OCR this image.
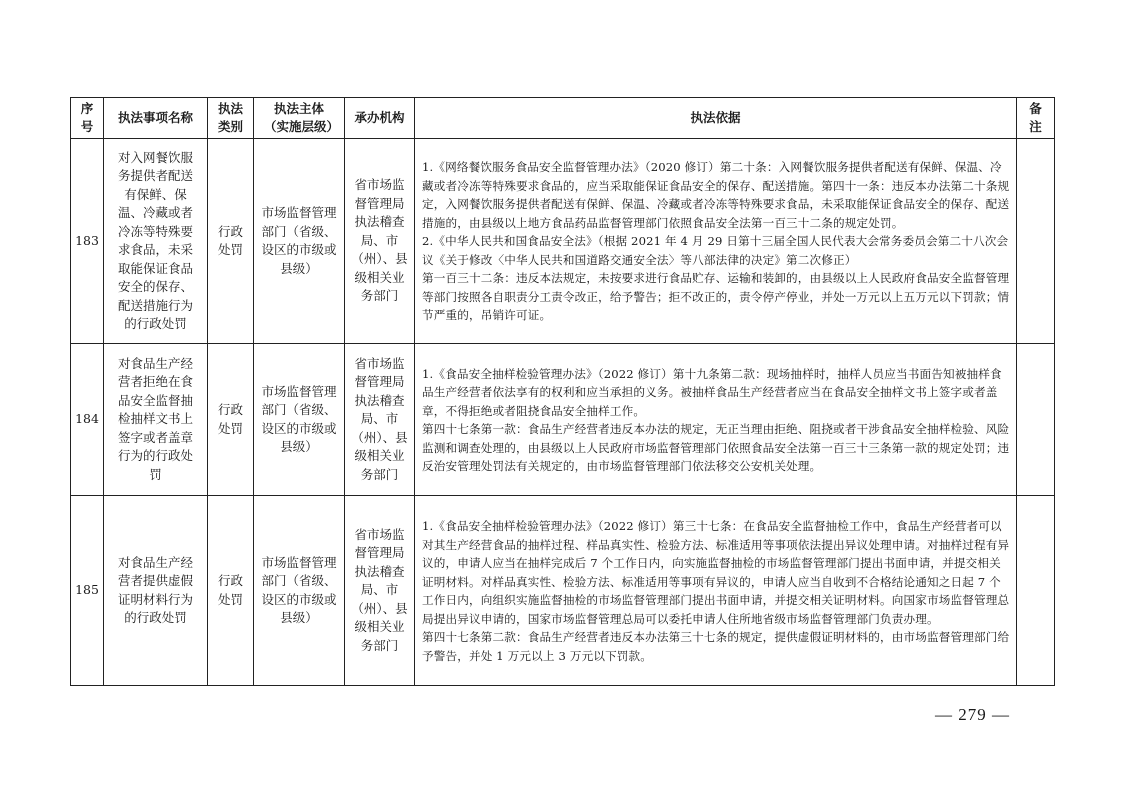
序号	执法事项名称	执法类别	执法主体（实施层级）	承办机构	执法依据	备注
183	对入网餐饮服务提供者配送有保鲜、保温、冷藏或者冷冻等特殊要求食品，未采取能保证食品安全的保存、配送措施行为的行政处罚	行政处罚	市场监督管理部门（省级、设区的市级或县级）	省市场监督管理局执法稽查局、市（州）、县级相关业务部门	1.《网络餐饮服务食品安全监督管理办法》（2020 修订）第二十条：入网餐饮服务提供者配送有保鲜、保温、冷藏或者冷冻等特殊要求食品的，应当采取能保证食品安全的保存、配送措施。第四十一条：违反本办法第二十条规定，入网餐饮服务提供者配送有保鲜、保温、冷藏或者冷冻等特殊要求食品，未采取能保证食品安全的保存、配送措施的，由县级以上地方食品药品监督管理部门依照食品安全法第一百三十二条的规定处罚。

2.《中华人民共和国食品安全法》（根据 2021 年 4 月 29 日第十三届全国人民代表大会常务委员会第二十八次会议《关于修改〈中华人民共和国道路交通安全法〉等八部法律的决定》第二次修正）

第一百三十二条：违反本法规定，未按要求进行食品贮存、运输和装卸的，由县级以上人民政府食品安全监督管理等部门按照各自职责分工责令改正，给予警告；拒不改正的，责令停产停业，并处一万元以上五万元以下罚款；情节严重的，吊销许可证。	

184	对食品生产经营者拒绝在食品安全监督抽检抽样文书上签字或者盖章行为的行政处罚	行政处罚	市场监督管理部门（省级、设区的市级或县级）	省市场监督管理局执法稽查局、市（州）、县级相关业务部门	1.《食品安全抽样检验管理办法》（2022 修订）第十九条第二款：现场抽样时，抽样人员应当书面告知被抽样食品生产经营者依法享有的权利和应当承担的义务。被抽样食品生产经营者应当在食品安全抽样文书上签字或者盖章，不得拒绝或者阻挠食品安全抽样工作。

第四十七条第一款：食品生产经营者违反本办法的规定，无正当理由拒绝、阻挠或者干涉食品安全抽样检验、风险监测和调查处理的，由县级以上人民政府市场监督管理部门依照食品安全法第一百三十三条第一款的规定处罚；违反治安管理处罚法有关规定的，由市场监督管理部门依法移交公安机关处理。	

185	对食品生产经营者提供虚假证明材料行为的行政处罚	行政处罚	市场监督管理部门（省级、设区的市级或县级）	省市场监督管理局执法稽查局、市（州）、县级相关业务部门	1.《食品安全抽样检验管理办法》（2022 修订）第三十七条：在食品安全监督抽检工作中，食品生产经营者可以对其生产经营食品的抽样过程、样品真实性、检验方法、标准适用等事项依法提出异议处理申请。对抽样过程有异议的，申请人应当在抽样完成后 7 个工作日内，向实施监督抽检的市场监督管理部门提出书面申请，并提交相关证明材料。对样品真实性、检验方法、标准适用等事项有异议的，申请人应当自收到不合格结论通知之日起 7 个工作日内，向组织实施监督抽检的市场监督管理部门提出书面申请，并提交相关证明材料。向国家市场监督管理总局提出异议申请的，国家市场监督管理总局可以委托申请人住所地省级市场监督管理部门负责办理。

第四十七条第二款：食品生产经营者违反本办法第三十七条的规定，提供虚假证明材料的，由市场监督管理部门给予警告，并处 1 万元以上 3 万元以下罚款。	

— 279 —
